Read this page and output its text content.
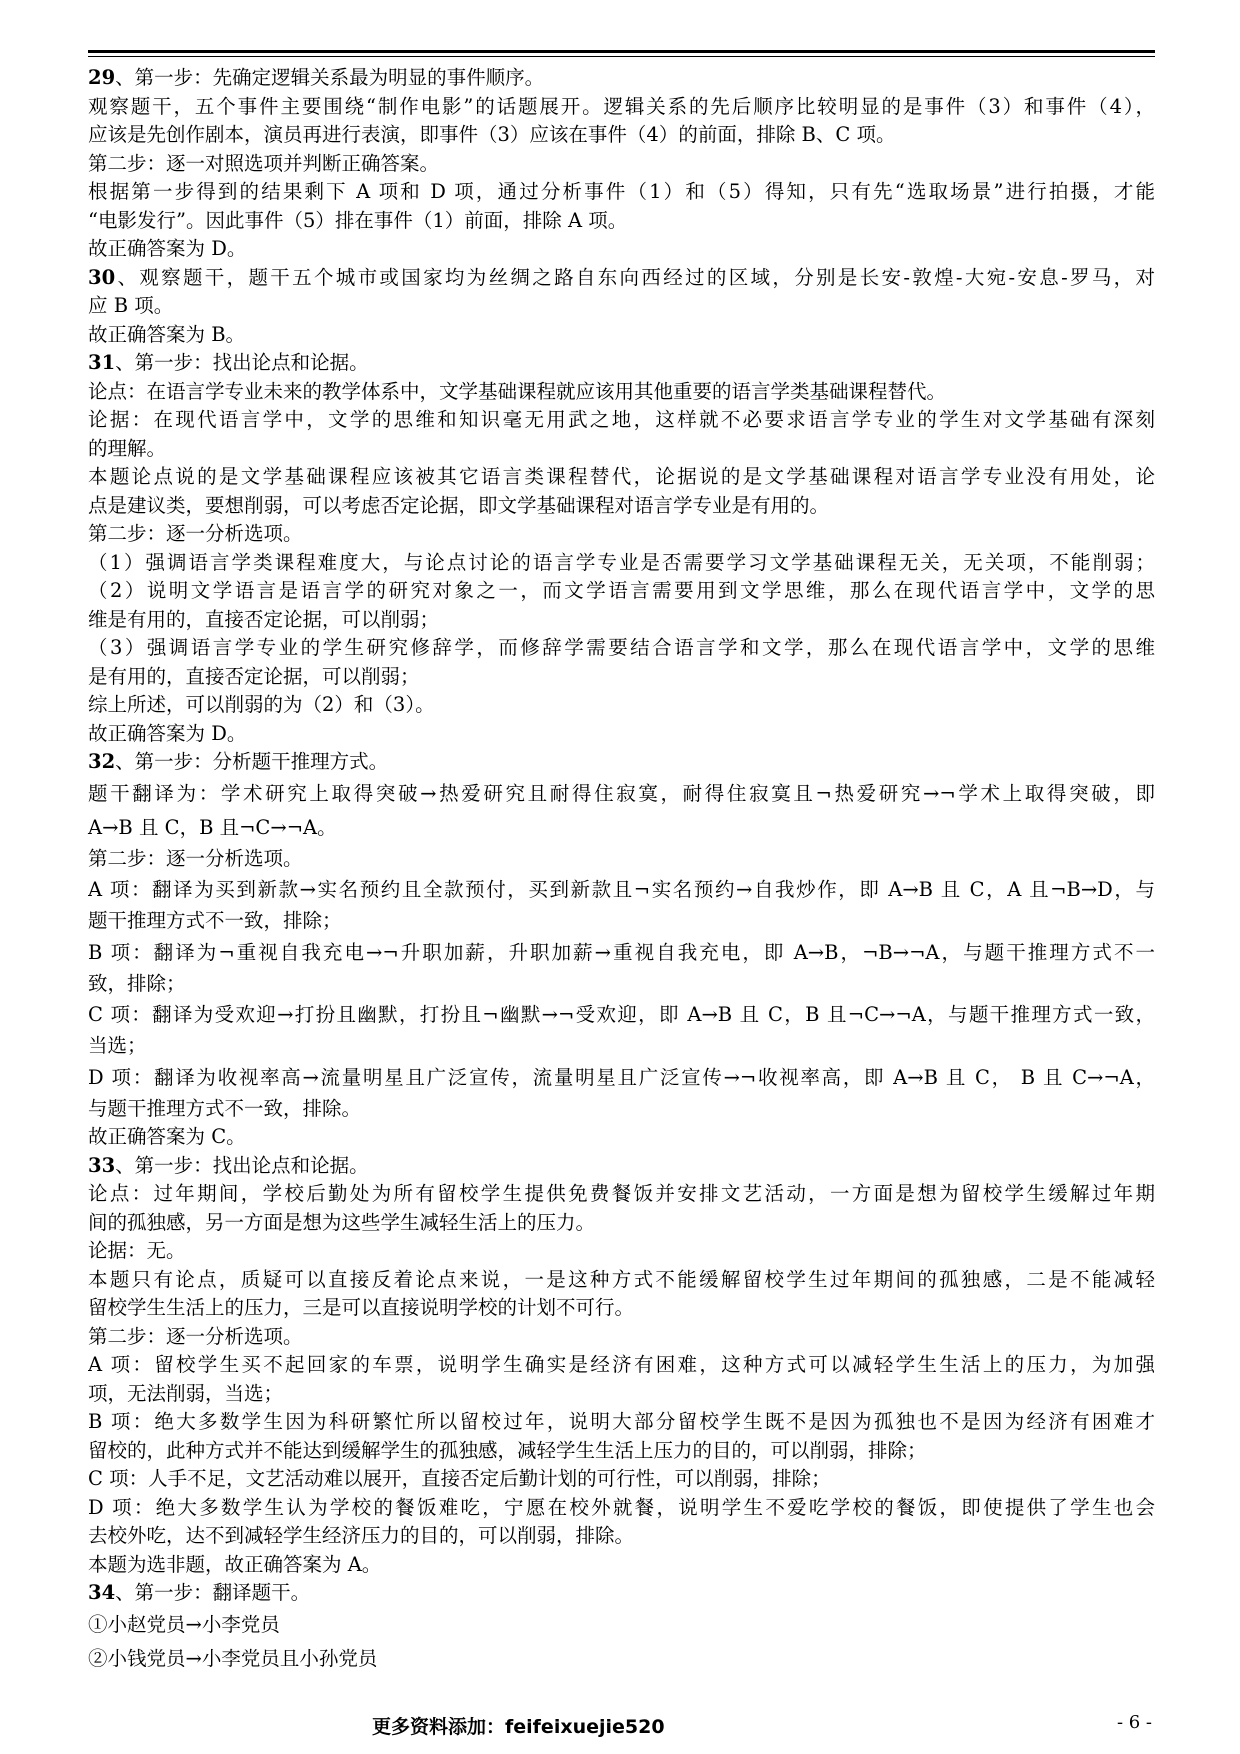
29、第一步：先确定逻辑关系最为明显的事件顺序。
观察题干，五个事件主要围绕“制作电影”的话题展开。逻辑关系的先后顺序比较明显的是事件（3）和事件（4），
应该是先创作剧本，演员再进行表演，即事件（3）应该在事件（4）的前面，排除 B、C 项。
第二步：逐一对照选项并判断正确答案。
根据第一步得到的结果剩下 A 项和 D 项，通过分析事件（1）和（5）得知，只有先“选取场景”进行拍摄，才能
“电影发行”。因此事件（5）排在事件（1）前面，排除 A 项。
故正确答案为 D。
30、观察题干，题干五个城市或国家均为丝绸之路自东向西经过的区域，分别是长安-敦煌-大宛-安息-罗马，对
应 B 项。
故正确答案为 B。
31、第一步：找出论点和论据。
论点：在语言学专业未来的教学体系中，文学基础课程就应该用其他重要的语言学类基础课程替代。
论据：在现代语言学中，文学的思维和知识毫无用武之地，这样就不必要求语言学专业的学生对文学基础有深刻
的理解。
本题论点说的是文学基础课程应该被其它语言类课程替代，论据说的是文学基础课程对语言学专业没有用处，论
点是建议类，要想削弱，可以考虑否定论据，即文学基础课程对语言学专业是有用的。
第二步：逐一分析选项。
（1）强调语言学类课程难度大，与论点讨论的语言学专业是否需要学习文学基础课程无关，无关项，不能削弱；
（2）说明文学语言是语言学的研究对象之一，而文学语言需要用到文学思维，那么在现代语言学中，文学的思
维是有用的，直接否定论据，可以削弱；
（3）强调语言学专业的学生研究修辞学，而修辞学需要结合语言学和文学，那么在现代语言学中，文学的思维
是有用的，直接否定论据，可以削弱；
综上所述，可以削弱的为（2）和（3）。
故正确答案为 D。
32、第一步：分析题干推理方式。
题干翻译为：学术研究上取得突破→热爱研究且耐得住寂寞，耐得住寂寞且¬热爱研究→¬学术上取得突破，即
A→B 且 C，B 且¬C→¬A。
第二步：逐一分析选项。
A 项：翻译为买到新款→实名预约且全款预付，买到新款且¬实名预约→自我炒作，即 A→B 且 C，A 且¬B→D，与
题干推理方式不一致，排除；
B 项：翻译为¬重视自我充电→¬升职加薪，升职加薪→重视自我充电，即 A→B，¬B→¬A，与题干推理方式不一
致，排除；
C 项：翻译为受欢迎→打扮且幽默，打扮且¬幽默→¬受欢迎，即 A→B 且 C，B 且¬C→¬A，与题干推理方式一致，
当选；
D 项：翻译为收视率高→流量明星且广泛宣传，流量明星且广泛宣传→¬收视率高，即 A→B 且 C， B 且 C→¬A，
与题干推理方式不一致，排除。
故正确答案为 C。
33、第一步：找出论点和论据。
论点：过年期间，学校后勤处为所有留校学生提供免费餐饭并安排文艺活动，一方面是想为留校学生缓解过年期
间的孤独感，另一方面是想为这些学生减轻生活上的压力。
论据：无。
本题只有论点，质疑可以直接反着论点来说，一是这种方式不能缓解留校学生过年期间的孤独感，二是不能减轻
留校学生生活上的压力，三是可以直接说明学校的计划不可行。
第二步：逐一分析选项。
A 项：留校学生买不起回家的车票，说明学生确实是经济有困难，这种方式可以减轻学生生活上的压力，为加强
项，无法削弱，当选；
B 项：绝大多数学生因为科研繁忙所以留校过年，说明大部分留校学生既不是因为孤独也不是因为经济有困难才
留校的，此种方式并不能达到缓解学生的孤独感，减轻学生生活上压力的目的，可以削弱，排除；
C 项：人手不足，文艺活动难以展开，直接否定后勤计划的可行性，可以削弱，排除；
D 项：绝大多数学生认为学校的餐饭难吃，宁愿在校外就餐，说明学生不爱吃学校的餐饭，即使提供了学生也会
去校外吃，达不到减轻学生经济压力的目的，可以削弱，排除。
本题为选非题，故正确答案为 A。
34、第一步：翻译题干。
①小赵党员→小李党员
②小钱党员→小李党员且小孙党员
更多资料添加：feifeixuejie520	- 6 -
